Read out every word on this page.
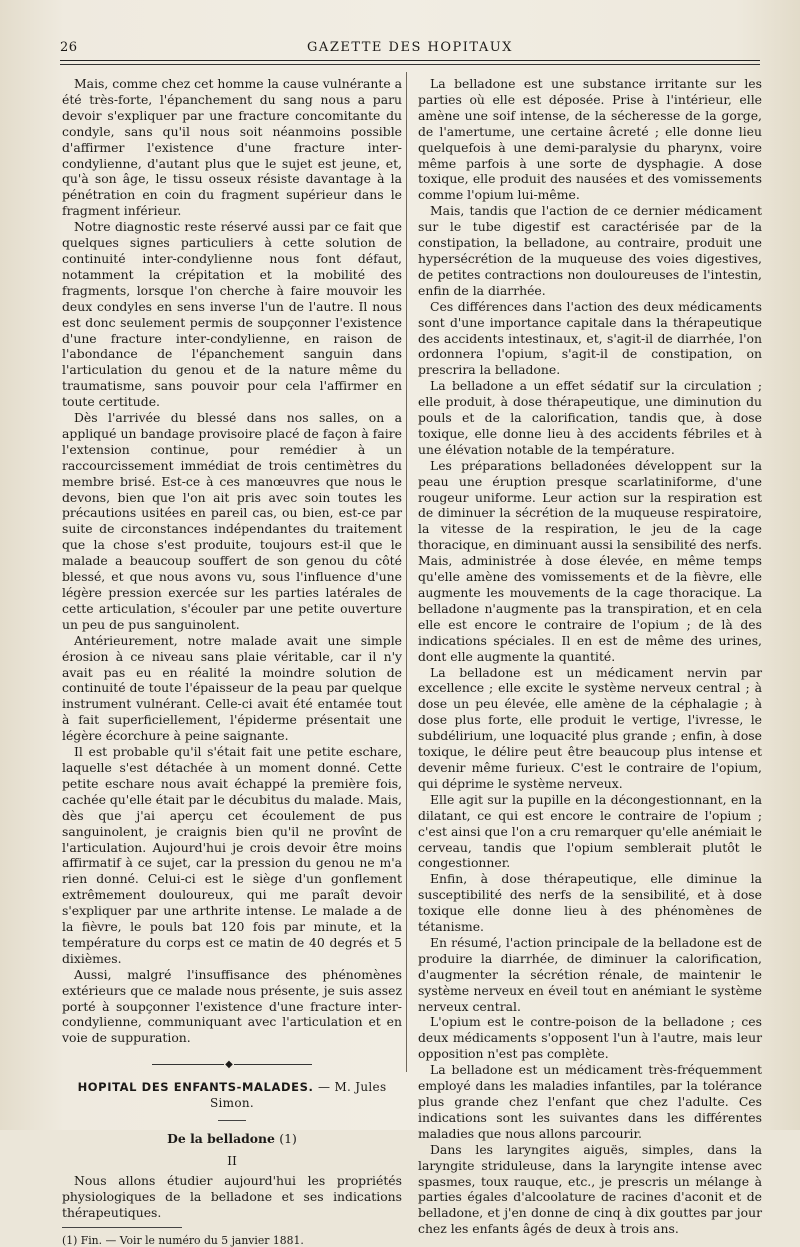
26	GAZETTE DES HOPITAUX

Mais, comme chez cet homme la cause vulnérante a été très-forte, l'épanchement du sang nous a paru devoir s'expliquer par une fracture concomitante du condyle, sans qu'il nous soit néanmoins possible d'affirmer l'existence d'une fracture inter-condylienne, d'autant plus que le sujet est jeune, et, qu'à son âge, le tissu osseux résiste davantage à la pénétration en coin du fragment supérieur dans le fragment inférieur.

Notre diagnostic reste réservé aussi par ce fait que quelques signes particuliers à cette solution de continuité inter-condylienne nous font défaut, notamment la crépitation et la mobilité des fragments, lorsque l'on cherche à faire mouvoir les deux condyles en sens inverse l'un de l'autre. Il nous est donc seulement permis de soupçonner l'existence d'une fracture inter-condylienne, en raison de l'abondance de l'épanchement sanguin dans l'articulation du genou et de la nature même du traumatisme, sans pouvoir pour cela l'affirmer en toute certitude.

Dès l'arrivée du blessé dans nos salles, on a appliqué un bandage provisoire placé de façon à faire l'extension continue, pour remédier à un raccourcissement immédiat de trois centimètres du membre brisé. Est-ce à ces manœuvres que nous le devons, bien que l'on ait pris avec soin toutes les précautions usitées en pareil cas, ou bien, est-ce par suite de circonstances indépendantes du traitement que la chose s'est produite, toujours est-il que le malade a beaucoup souffert de son genou du côté blessé, et que nous avons vu, sous l'influence d'une légère pression exercée sur les parties latérales de cette articulation, s'écouler par une petite ouverture un peu de pus sanguinolent.

Antérieurement, notre malade avait une simple érosion à ce niveau sans plaie véritable, car il n'y avait pas eu en réalité la moindre solution de continuité de toute l'épaisseur de la peau par quelque instrument vulnérant. Celle-ci avait été entamée tout à fait superficiellement, l'épiderme présentait une légère écorchure à peine saignante.

Il est probable qu'il s'était fait une petite eschare, laquelle s'est détachée à un moment donné. Cette petite eschare nous avait échappé la première fois, cachée qu'elle était par le décubitus du malade. Mais, dès que j'ai aperçu cet écoulement de pus sanguinolent, je craignis bien qu'il ne provînt de l'articulation. Aujourd'hui je crois devoir être moins affirmatif à ce sujet, car la pression du genou ne m'a rien donné. Celui-ci est le siège d'un gonflement extrêmement douloureux, qui me paraît devoir s'expliquer par une arthrite intense. Le malade a de la fièvre, le pouls bat 120 fois par minute, et la température du corps est ce matin de 40 degrés et 5 dixièmes.

Aussi, malgré l'insuffisance des phénomènes extérieurs que ce malade nous présente, je suis assez porté à soupçonner l'existence d'une fracture inter-condylienne, communiquant avec l'articulation et en voie de suppuration.

◆
HOPITAL DES ENFANTS-MALADES. — M. Jules Simon.
De la belladone (1)
II

Nous allons étudier aujourd'hui les propriétés physiologiques de la belladone et ses indications thérapeutiques.

(1) Fin. — Voir le numéro du 5 janvier 1881.

La belladone est une substance irritante sur les parties où elle est déposée. Prise à l'intérieur, elle amène une soif intense, de la sécheresse de la gorge, de l'amertume, une certaine âcreté ; elle donne lieu quelquefois à une demi-paralysie du pharynx, voire même parfois à une sorte de dysphagie. A dose toxique, elle produit des nausées et des vomissements comme l'opium lui-même.

Mais, tandis que l'action de ce dernier médicament sur le tube digestif est caractérisée par de la constipation, la belladone, au contraire, produit une hypersécrétion de la muqueuse des voies digestives, de petites contractions non douloureuses de l'intestin, enfin de la diarrhée.

Ces différences dans l'action des deux médicaments sont d'une importance capitale dans la thérapeutique des accidents intestinaux, et, s'agit-il de diarrhée, l'on ordonnera l'opium, s'agit-il de constipation, on prescrira la belladone.

La belladone a un effet sédatif sur la circulation ; elle produit, à dose thérapeutique, une diminution du pouls et de la calorification, tandis que, à dose toxique, elle donne lieu à des accidents fébriles et à une élévation notable de la température.

Les préparations belladonées développent sur la peau une éruption presque scarlatiniforme, d'une rougeur uniforme. Leur action sur la respiration est de diminuer la sécrétion de la muqueuse respiratoire, la vitesse de la respiration, le jeu de la cage thoracique, en diminuant aussi la sensibilité des nerfs. Mais, administrée à dose élevée, en même temps qu'elle amène des vomissements et de la fièvre, elle augmente les mouvements de la cage thoracique. La belladone n'augmente pas la transpiration, et en cela elle est encore le contraire de l'opium ; de là des indications spéciales. Il en est de même des urines, dont elle augmente la quantité.

La belladone est un médicament nervin par excellence ; elle excite le système nerveux central ; à dose un peu élevée, elle amène de la céphalagie ; à dose plus forte, elle produit le vertige, l'ivresse, le subdélirium, une loquacité plus grande ; enfin, à dose toxique, le délire peut être beaucoup plus intense et devenir même furieux. C'est le contraire de l'opium, qui déprime le système nerveux.

Elle agit sur la pupille en la décongestionnant, en la dilatant, ce qui est encore le contraire de l'opium ; c'est ainsi que l'on a cru remarquer qu'elle anémiait le cerveau, tandis que l'opium semblerait plutôt le congestionner.

Enfin, à dose thérapeutique, elle diminue la susceptibilité des nerfs de la sensibilité, et à dose toxique elle donne lieu à des phénomènes de tétanisme.

En résumé, l'action principale de la belladone est de produire la diarrhée, de diminuer la calorification, d'augmenter la sécrétion rénale, de maintenir le système nerveux en éveil tout en anémiant le système nerveux central.

L'opium est le contre-poison de la belladone ; ces deux médicaments s'opposent l'un à l'autre, mais leur opposition n'est pas complète.

La belladone est un médicament très-fréquemment employé dans les maladies infantiles, par la tolérance plus grande chez l'enfant que chez l'adulte. Ces indications sont les suivantes dans les différentes maladies que nous allons parcourir.

Dans les laryngites aiguës, simples, dans la laryngite striduleuse, dans la laryngite intense avec spasmes, toux rauque, etc., je prescris un mélange à parties égales d'alcoolature de racines d'aconit et de belladone, et j'en donne de cinq à dix gouttes par jour chez les enfants âgés de deux à trois ans.
